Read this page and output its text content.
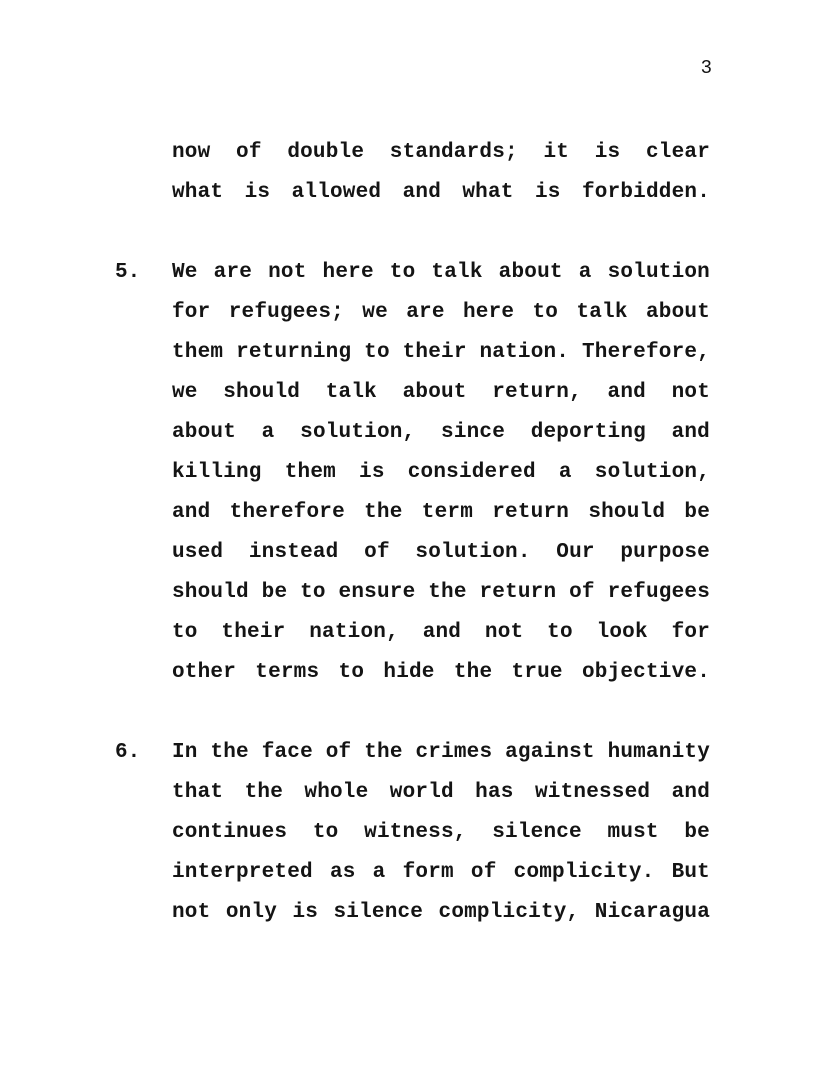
3
now of double standards; it is clear
what is allowed and what is forbidden.
5.	We are not here to talk about a solution
for refugees; we are here to talk about
them returning to their nation. Therefore,
we should talk about return, and not
about a solution, since deporting and
killing them is considered a solution,
and therefore the term return should be
used instead of solution. Our purpose
should be to ensure the return of refugees
to their nation, and not to look for
other terms to hide the true objective.
6.	In the face of the crimes against humanity
that the whole world has witnessed and
continues to witness, silence must be
interpreted as a form of complicity. But
not only is silence complicity, Nicaragua
